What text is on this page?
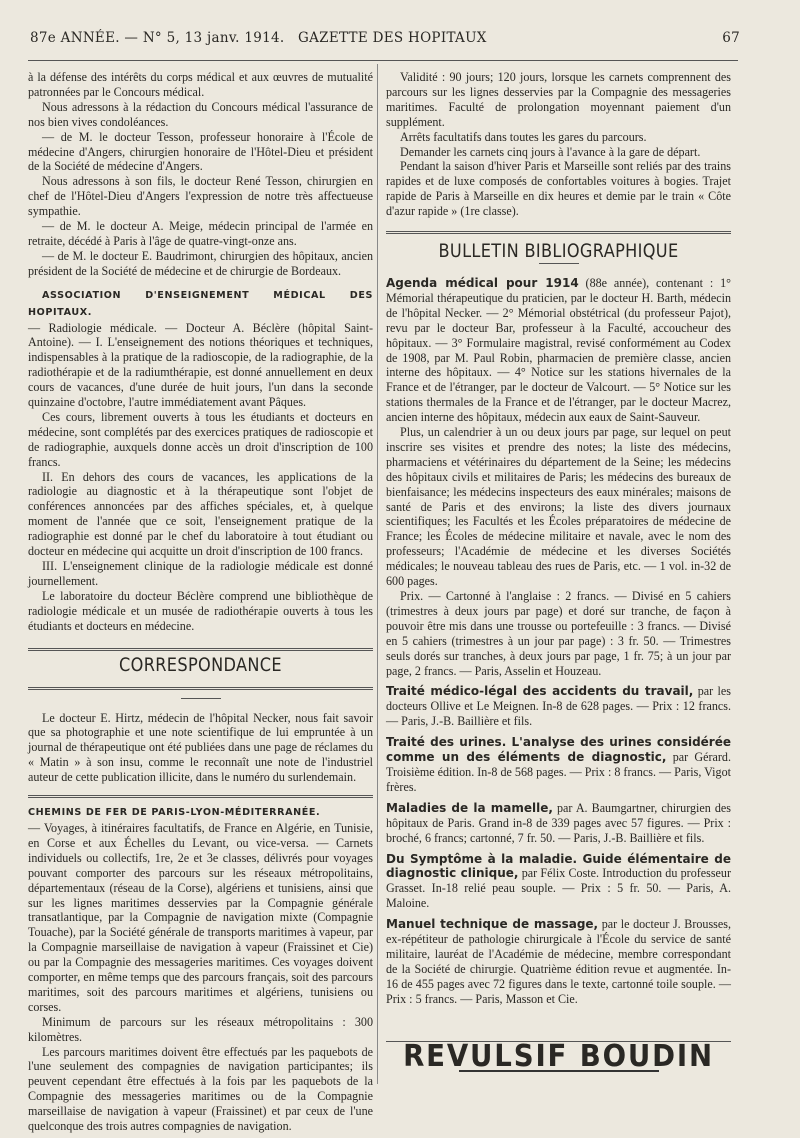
87e ANNÉE. — N° 5, 13 janv. 1914. GAZETTE DES HOPITAUX	67

à la défense des intérêts du corps médical et aux œuvres de mutualité patronnées par le Concours médical.

Nous adressons à la rédaction du Concours médical l'assurance de nos bien vives condoléances.

— de M. le docteur Tesson, professeur honoraire à l'École de médecine d'Angers, chirurgien honoraire de l'Hôtel-Dieu et président de la Société de médecine d'Angers.

Nous adressons à son fils, le docteur René Tesson, chirurgien en chef de l'Hôtel-Dieu d'Angers l'expression de notre très affectueuse sympathie.

— de M. le docteur A. Meige, médecin principal de l'armée en retraite, décédé à Paris à l'âge de quatre-vingt-onze ans.

— de M. le docteur E. Baudrimont, chirurgien des hôpitaux, ancien président de la Société de médecine et de chirurgie de Bordeaux.

ASSOCIATION D'ENSEIGNEMENT MÉDICAL DES HOPITAUX.

— Radiologie médicale. — Docteur A. Béclère (hôpital Saint-Antoine). — I. L'enseignement des notions théoriques et techniques, indispensables à la pratique de la radioscopie, de la radiographie, de la radiothérapie et de la radiumthérapie, est donné annuellement en deux cours de vacances, d'une durée de huit jours, l'un dans la seconde quinzaine d'octobre, l'autre immédiatement avant Pâques.

Ces cours, librement ouverts à tous les étudiants et docteurs en médecine, sont complétés par des exercices pratiques de radioscopie et de radiographie, auxquels donne accès un droit d'inscription de 100 francs.

II. En dehors des cours de vacances, les applications de la radiologie au diagnostic et à la thérapeutique sont l'objet de conférences annoncées par des affiches spéciales, et, à quelque moment de l'année que ce soit, l'enseignement pratique de la radiographie est donné par le chef du laboratoire à tout étudiant ou docteur en médecine qui acquitte un droit d'inscription de 100 francs.

III. L'enseignement clinique de la radiologie médicale est donné journellement.

Le laboratoire du docteur Béclère comprend une bibliothèque de radiologie médicale et un musée de radiothérapie ouverts à tous les étudiants et docteurs en médecine.

CORRESPONDANCE

Le docteur E. Hirtz, médecin de l'hôpital Necker, nous fait savoir que sa photographie et une note scientifique de lui empruntée à un journal de thérapeutique ont été publiées dans une page de réclames du « Matin » à son insu, comme le reconnaît une note de l'industriel auteur de cette publication illicite, dans le numéro du surlendemain.

CHEMINS DE FER DE PARIS-LYON-MÉDITERRANÉE.

— Voyages, à itinéraires facultatifs, de France en Algérie, en Tunisie, en Corse et aux Échelles du Levant, ou vice-versa. — Carnets individuels ou collectifs, 1re, 2e et 3e classes, délivrés pour voyages pouvant comporter des parcours sur les réseaux métropolitains, départementaux (réseau de la Corse), algériens et tunisiens, ainsi que sur les lignes maritimes desservies par la Compagnie générale transatlantique, par la Compagnie de navigation mixte (Compagnie Touache), par la Société générale de transports maritimes à vapeur, par la Compagnie marseillaise de navigation à vapeur (Fraissinet et Cie) ou par la Compagnie des messageries maritimes. Ces voyages doivent comporter, en même temps que des parcours français, soit des parcours maritimes, soit des parcours maritimes et algériens, tunisiens ou corses.

Minimum de parcours sur les réseaux métropolitains : 300 kilomètres.

Les parcours maritimes doivent être effectués par les paquebots de l'une seulement des compagnies de navigation participantes; ils peuvent cependant être effectués à la fois par les paquebots de la Compagnie des messageries maritimes ou de la Compagnie marseillaise de navigation à vapeur (Fraissinet) et par ceux de l'une quelconque des trois autres compagnies de navigation.

Validité : 90 jours; 120 jours, lorsque les carnets comprennent des parcours sur les lignes desservies par la Compagnie des messageries maritimes. Faculté de prolongation moyennant paiement d'un supplément.

Arrêts facultatifs dans toutes les gares du parcours.

Demander les carnets cinq jours à l'avance à la gare de départ.

Pendant la saison d'hiver Paris et Marseille sont reliés par des trains rapides et de luxe composés de confortables voitures à bogies. Trajet rapide de Paris à Marseille en dix heures et demie par le train « Côte d'azur rapide » (1re classe).

BULLETIN BIBLIOGRAPHIQUE

Agenda médical pour 1914 (88e année), contenant : 1° Mémorial thérapeutique du praticien, par le docteur H. Barth, médecin de l'hôpital Necker. — 2° Mémorial obstétrical (du professeur Pajot), revu par le docteur Bar, professeur à la Faculté, accoucheur des hôpitaux. — 3° Formulaire magistral, revisé conformément au Codex de 1908, par M. Paul Robin, pharmacien de première classe, ancien interne des hôpitaux. — 4° Notice sur les stations hivernales de la France et de l'étranger, par le docteur de Valcourt. — 5° Notice sur les stations thermales de la France et de l'étranger, par le docteur Macrez, ancien interne des hôpitaux, médecin aux eaux de Saint-Sauveur.

Plus, un calendrier à un ou deux jours par page, sur lequel on peut inscrire ses visites et prendre des notes; la liste des médecins, pharmaciens et vétérinaires du département de la Seine; les médecins des hôpitaux civils et militaires de Paris; les médecins des bureaux de bienfaisance; les médecins inspecteurs des eaux minérales; maisons de santé de Paris et des environs; la liste des divers journaux scientifiques; les Facultés et les Écoles préparatoires de médecine de France; les Écoles de médecine militaire et navale, avec le nom des professeurs; l'Académie de médecine et les diverses Sociétés médicales; le nouveau tableau des rues de Paris, etc. — 1 vol. in-32 de 600 pages.

Prix. — Cartonné à l'anglaise : 2 francs. — Divisé en 5 cahiers (trimestres à deux jours par page) et doré sur tranche, de façon à pouvoir être mis dans une trousse ou portefeuille : 3 francs. — Divisé en 5 cahiers (trimestres à un jour par page) : 3 fr. 50. — Trimestres seuls dorés sur tranches, à deux jours par page, 1 fr. 75; à un jour par page, 2 francs. — Paris, Asselin et Houzeau.

Traité médico-légal des accidents du travail, par les docteurs Ollive et Le Meignen. In-8 de 628 pages. — Prix : 12 francs. — Paris, J.-B. Baillière et fils.

Traité des urines. L'analyse des urines considérée comme un des éléments de diagnostic, par Gérard. Troisième édition. In-8 de 568 pages. — Prix : 8 francs. — Paris, Vigot frères.

Maladies de la mamelle, par A. Baumgartner, chirurgien des hôpitaux de Paris. Grand in-8 de 339 pages avec 57 figures. — Prix : broché, 6 francs; cartonné, 7 fr. 50. — Paris, J.-B. Baillière et fils.

Du Symptôme à la maladie. Guide élémentaire de diagnostic clinique, par Félix Coste. Introduction du professeur Grasset. In-18 relié peau souple. — Prix : 5 fr. 50. — Paris, A. Maloine.

Manuel technique de massage, par le docteur J. Brousses, ex-répétiteur de pathologie chirurgicale à l'École du service de santé militaire, lauréat de l'Académie de médecine, membre correspondant de la Société de chirurgie. Quatrième édition revue et augmentée. In-16 de 455 pages avec 72 figures dans le texte, cartonné toile souple. — Prix : 5 francs. — Paris, Masson et Cie.

REVULSIF BOUDIN
